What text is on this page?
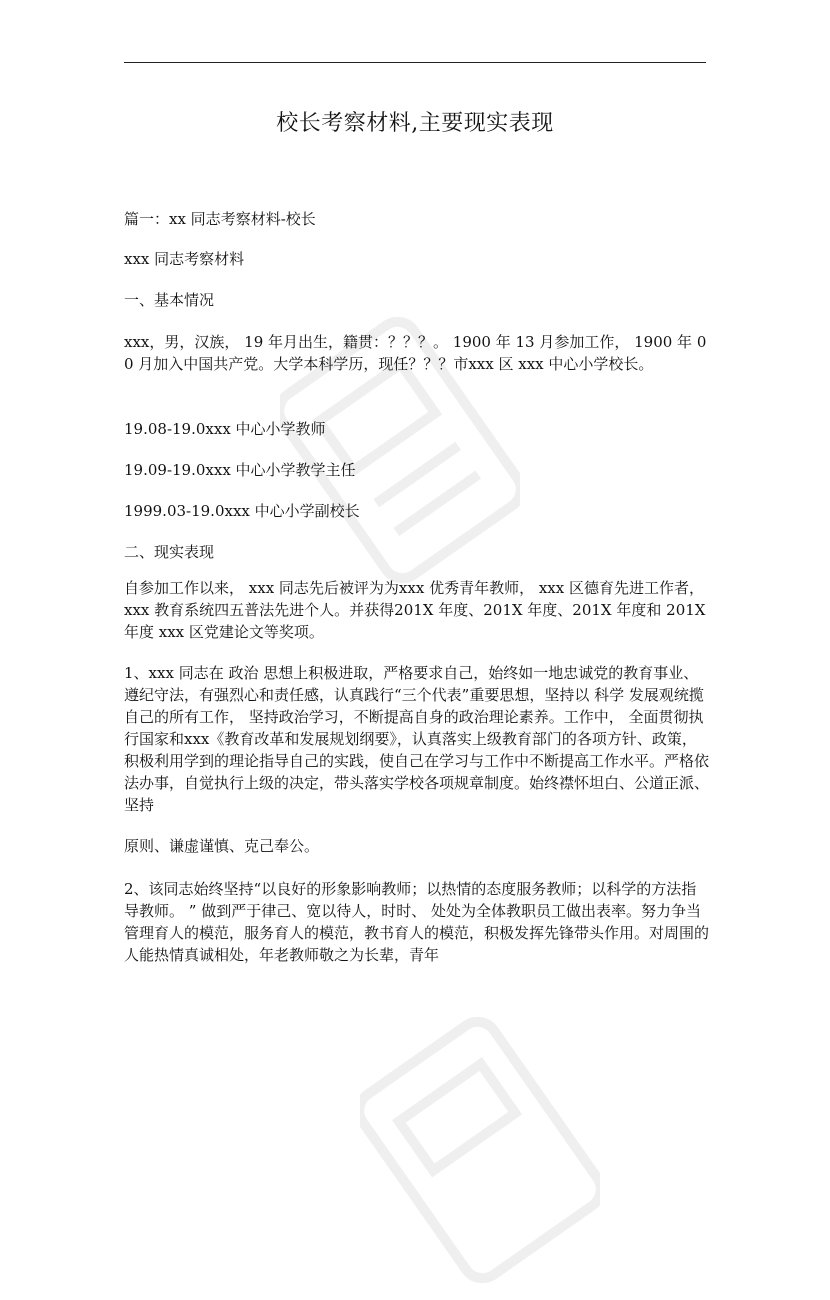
校长考察材料,主要现实表现
篇一：xx 同志考察材料-校长
xxx 同志考察材料
一、基本情况
xxx，男，汉族， 19 年月出生，籍贯：？？？。 1900 年 13 月参加工作， 1900 年 00 月加入中国共产党。大学本科学历，现任？？？市xxx 区 xxx 中心小学校长。
19.08-19.0xxx 中心小学教师
19.09-19.0xxx 中心小学教学主任
1999.03-19.0xxx 中心小学副校长
二、现实表现
自参加工作以来， xxx 同志先后被评为为xxx 优秀青年教师， xxx 区德育先进工作者， xxx 教育系统四五普法先进个人。并获得201X 年度、201X 年度、201X 年度和 201X 年度 xxx 区党建论文等奖项。
1、xxx 同志在 政治 思想上积极进取，严格要求自己，始终如一地忠诚党的教育事业、遵纪守法，有强烈心和责任感，认真践行“三个代表”重要思想，坚持以 科学 发展观统揽自己的所有工作， 坚持政治学习，不断提高自身的政治理论素养。工作中， 全面贯彻执行国家和xxx《教育改革和发展规划纲要》，认真落实上级教育部门的各项方针、政策，积极利用学到的理论指导自己的实践，使自己在学习与工作中不断提高工作水平。严格依法办事，自觉执行上级的决定，带头落实学校各项规章制度。始终襟怀坦白、公道正派、坚持
原则、谦虚谨慎、克己奉公。
2、该同志始终坚持“以良好的形象影响教师；以热情的态度服务教师；以科学的方法指导教师。 ” 做到严于律己、宽以待人，时时、 处处为全体教职员工做出表率。努力争当管理育人的模范，服务育人的模范，教书育人的模范，积极发挥先锋带头作用。对周围的人能热情真诚相处，年老教师敬之为长辈，青年
